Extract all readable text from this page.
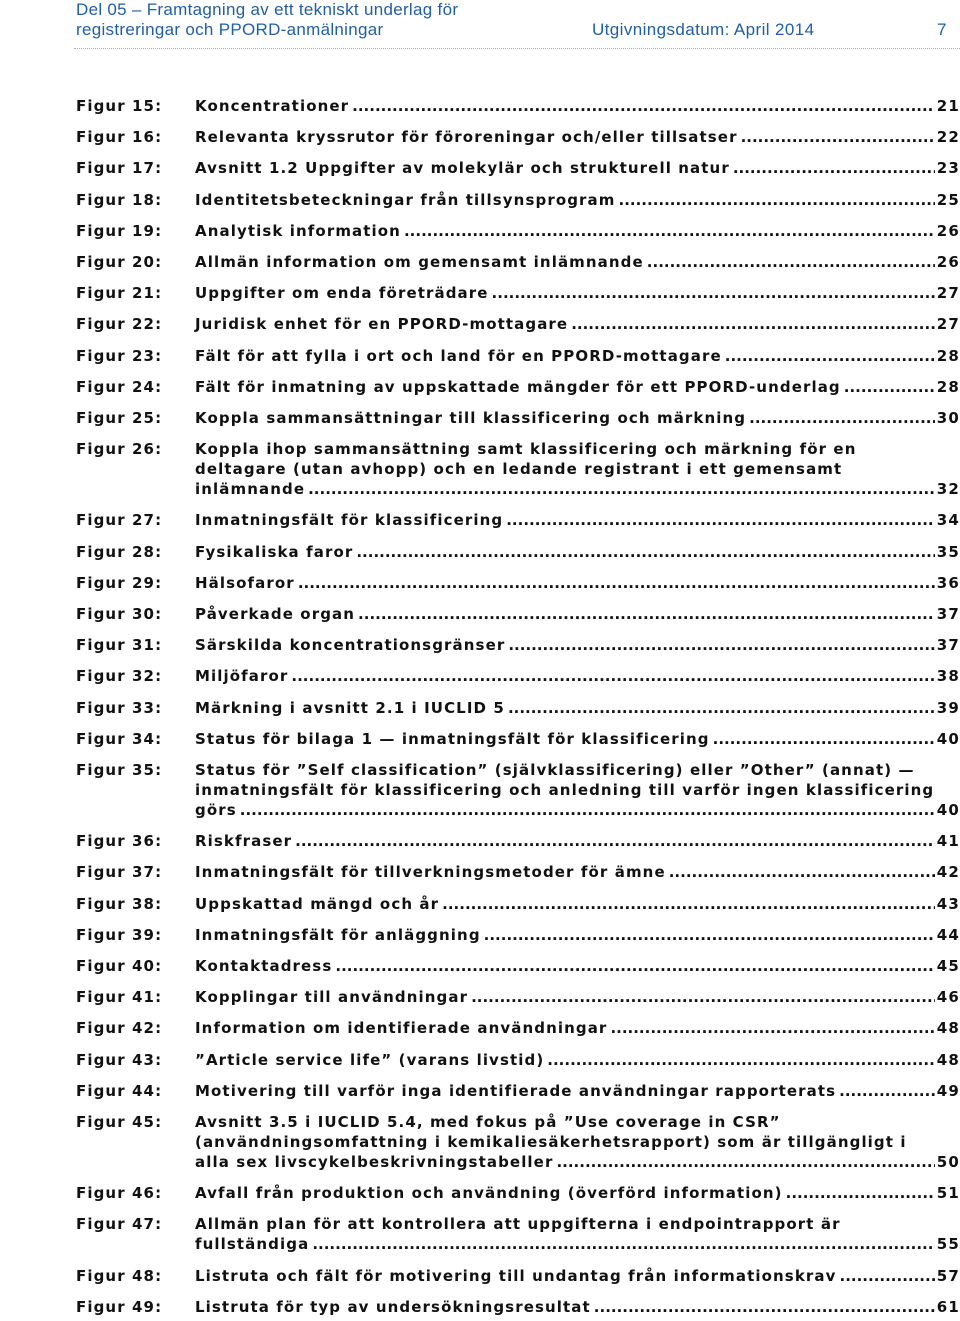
Del 05 – Framtagning av ett tekniskt underlag för registreringar och PPORD-anmälningar	Utgivningsdatum: April 2014	7
Figur 15: Koncentrationer .....	21
Figur 16: Relevanta kryssrutor för föroreningar och/eller tillsatser .....	22
Figur 17: Avsnitt 1.2 Uppgifter av molekylär och strukturell natur .....	23
Figur 18: Identitetsbeteckningar från tillsynsprogram .....	25
Figur 19: Analytisk information .....	26
Figur 20: Allmän information om gemensamt inlämnande .....	26
Figur 21: Uppgifter om enda företrädare .....	27
Figur 22: Juridisk enhet för en PPORD-mottagare .....	27
Figur 23: Fält för att fylla i ort och land för en PPORD-mottagare .....	28
Figur 24: Fält för inmatning av uppskattade mängder för ett PPORD-underlag .....	28
Figur 25: Koppla sammansättningar till klassificering och märkning .....	30
Figur 26: Koppla ihop sammansättning samt klassificering och märkning för en
deltagare (utan avhopp) och en ledande registrant i ett gemensamt
inlämnande .....	32
Figur 27: Inmatningsfält för klassificering .....	34
Figur 28: Fysikaliska faror .....	35
Figur 29: Hälsofaror .....	36
Figur 30: Påverkade organ .....	37
Figur 31: Särskilda koncentrationsgränser .....	37
Figur 32: Miljöfaror .....	38
Figur 33: Märkning i avsnitt 2.1 i IUCLID 5 .....	39
Figur 34: Status för bilaga 1 — inmatningsfält för klassificering .....	40
Figur 35: Status för ”Self classification” (självklassificering) eller ”Other” (annat) —
inmatningsfält för klassificering och anledning till varför ingen klassificering
görs .....	40
Figur 36: Riskfraser .....	41
Figur 37: Inmatningsfält för tillverkningsmetoder för ämne .....	42
Figur 38: Uppskattad mängd och år .....	43
Figur 39: Inmatningsfält för anläggning .....	44
Figur 40: Kontaktadress .....	45
Figur 41: Kopplingar till användningar .....	46
Figur 42: Information om identifierade användningar .....	48
Figur 43: ”Article service life” (varans livstid) .....	48
Figur 44: Motivering till varför inga identifierade användningar rapporterats .....	49
Figur 45: Avsnitt 3.5 i IUCLID 5.4, med fokus på ”Use coverage in CSR”
(användningsomfattning i kemikaliesäkerhetsrapport) som är tillgängligt i
alla sex livscykelbeskrivningstabeller .....	50
Figur 46: Avfall från produktion och användning (överförd information) .....	51
Figur 47: Allmän plan för att kontrollera att uppgifterna i endpointrapport är
fullständiga .....	55
Figur 48: Listruta och fält för motivering till undantag från informationskrav .....	57
Figur 49: Listruta för typ av undersökningsresultat .....	61
